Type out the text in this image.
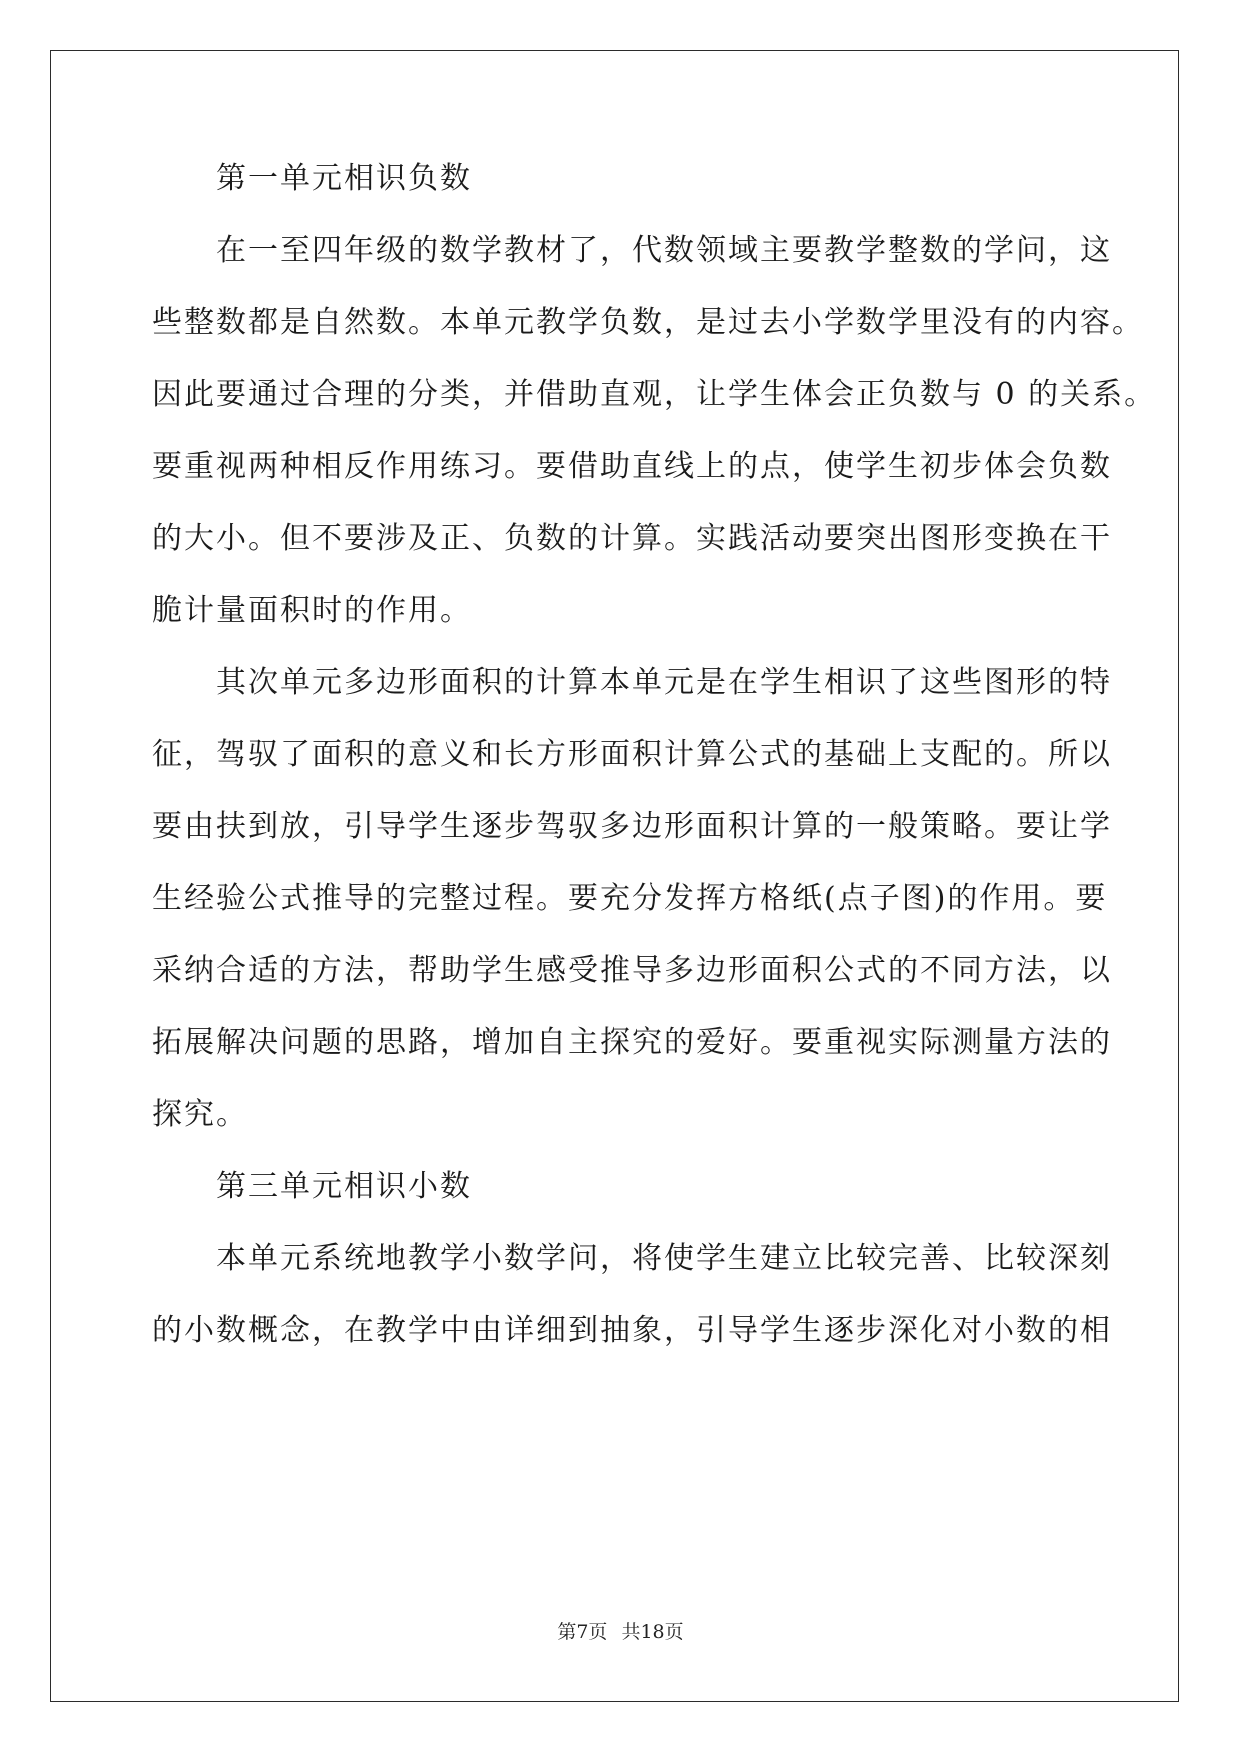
第一单元相识负数
在一至四年级的数学教材了，代数领域主要教学整数的学问，这
些整数都是自然数。本单元教学负数，是过去小学数学里没有的内容。
因此要通过合理的分类，并借助直观，让学生体会正负数与 0 的关系。
要重视两种相反作用练习。要借助直线上的点，使学生初步体会负数
的大小。但不要涉及正、负数的计算。实践活动要突出图形变换在干
脆计量面积时的作用。
其次单元多边形面积的计算本单元是在学生相识了这些图形的特
征，驾驭了面积的意义和长方形面积计算公式的基础上支配的。所以
要由扶到放，引导学生逐步驾驭多边形面积计算的一般策略。要让学
生经验公式推导的完整过程。要充分发挥方格纸(点子图)的作用。要
采纳合适的方法，帮助学生感受推导多边形面积公式的不同方法，以
拓展解决问题的思路，增加自主探究的爱好。要重视实际测量方法的
探究。
第三单元相识小数
本单元系统地教学小数学问，将使学生建立比较完善、比较深刻
的小数概念，在教学中由详细到抽象，引导学生逐步深化对小数的相
第7页 共18页
